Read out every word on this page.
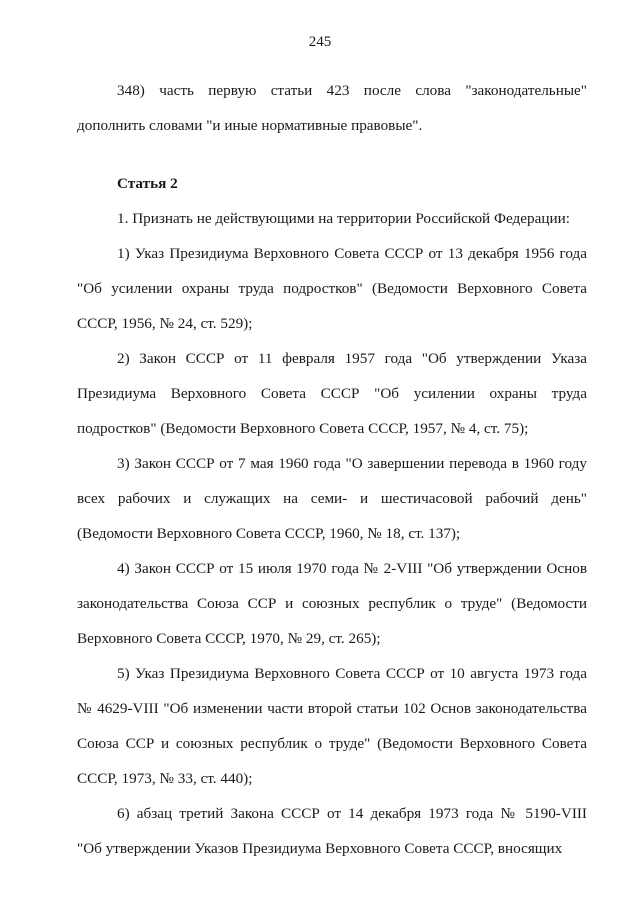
245
348) часть первую статьи 423 после слова "законодательные"
дополнить словами "и иные нормативные правовые".
Статья 2
1. Признать не действующими на территории Российской Федерации:
1) Указ Президиума Верховного Совета СССР от 13 декабря 1956 года
"Об усилении охраны труда подростков" (Ведомости Верховного Совета
СССР, 1956, № 24, ст. 529);
2) Закон СССР от 11 февраля 1957 года "Об утверждении Указа
Президиума Верховного Совета СССР "Об усилении охраны труда
подростков" (Ведомости Верховного Совета СССР, 1957, № 4, ст. 75);
3) Закон СССР от 7 мая 1960 года "О завершении перевода в 1960 году
всех рабочих и служащих на семи- и шестичасовой рабочий день"
(Ведомости Верховного Совета СССР, 1960, № 18, ст. 137);
4) Закон СССР от 15 июля 1970 года № 2-VIII "Об утверждении Основ
законодательства Союза ССР и союзных республик о труде" (Ведомости
Верховного Совета СССР, 1970, № 29, ст. 265);
5) Указ Президиума Верховного Совета СССР от 10 августа 1973 года
№ 4629-VIII "Об изменении части второй статьи 102 Основ законодательства
Союза ССР и союзных республик о труде" (Ведомости Верховного Совета
СССР, 1973, № 33, ст. 440);
6) абзац третий Закона СССР от 14 декабря 1973 года № 5190-VIII
"Об утверждении Указов Президиума Верховного Совета СССР, вносящих
